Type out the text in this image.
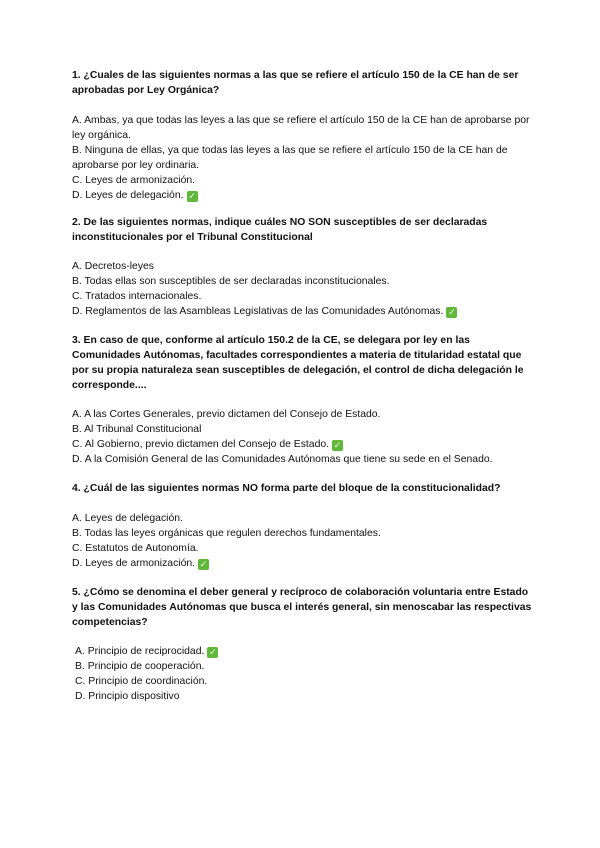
1. ¿Cuales de las siguientes normas a las que se refiere el artículo 150 de la CE han de ser aprobadas por Ley Orgánica?

A. Ambas, ya que todas las leyes a las que se refiere el artículo 150 de la CE han de aprobarse por ley orgánica.
B. Ninguna de ellas, ya que todas las leyes a las que se refiere el artículo 150 de la CE han de aprobarse por ley ordinaria.
C. Leyes de armonización.
D. Leyes de delegación.✓

2. De las siguientes normas, indique cuáles NO SON susceptibles de ser declaradas inconstitucionales por el Tribunal Constitucional

A. Decretos-leyes
B. Todas ellas son susceptibles de ser declaradas inconstitucionales.
C. Tratados internacionales.
D. Reglamentos de las Asambleas Legislativas de las Comunidades Autónomas.✓

3. En caso de que, conforme al artículo 150.2 de la CE, se delegara por ley en las Comunidades Autónomas, facultades correspondientes a materia de titularidad estatal que por su propia naturaleza sean susceptibles de delegación, el control de dicha delegación le corresponde....

A. A las Cortes Generales, previo dictamen del Consejo de Estado.
B. Al Tribunal Constitucional
C. Al Gobierno, previo dictamen del Consejo de Estado.✓
D. A la Comisión General de las Comunidades Autónomas que tiene su sede en el Senado.

4. ¿Cuál de las siguientes normas NO forma parte del bloque de la constitucionalidad?

A. Leyes de delegación.
B. Todas las leyes orgánicas que regulen derechos fundamentales.
C. Estatutos de Autonomía.
D. Leyes de armonización.✓

5. ¿Cómo se denomina el deber general y recíproco de colaboración voluntaria entre Estado y las Comunidades Autónomas que busca el interés general, sin menoscabar las respectivas competencias?

A. Principio de reciprocidad.✓
B. Principio de cooperación.
C. Principio de coordinación.
D. Principio dispositivo
